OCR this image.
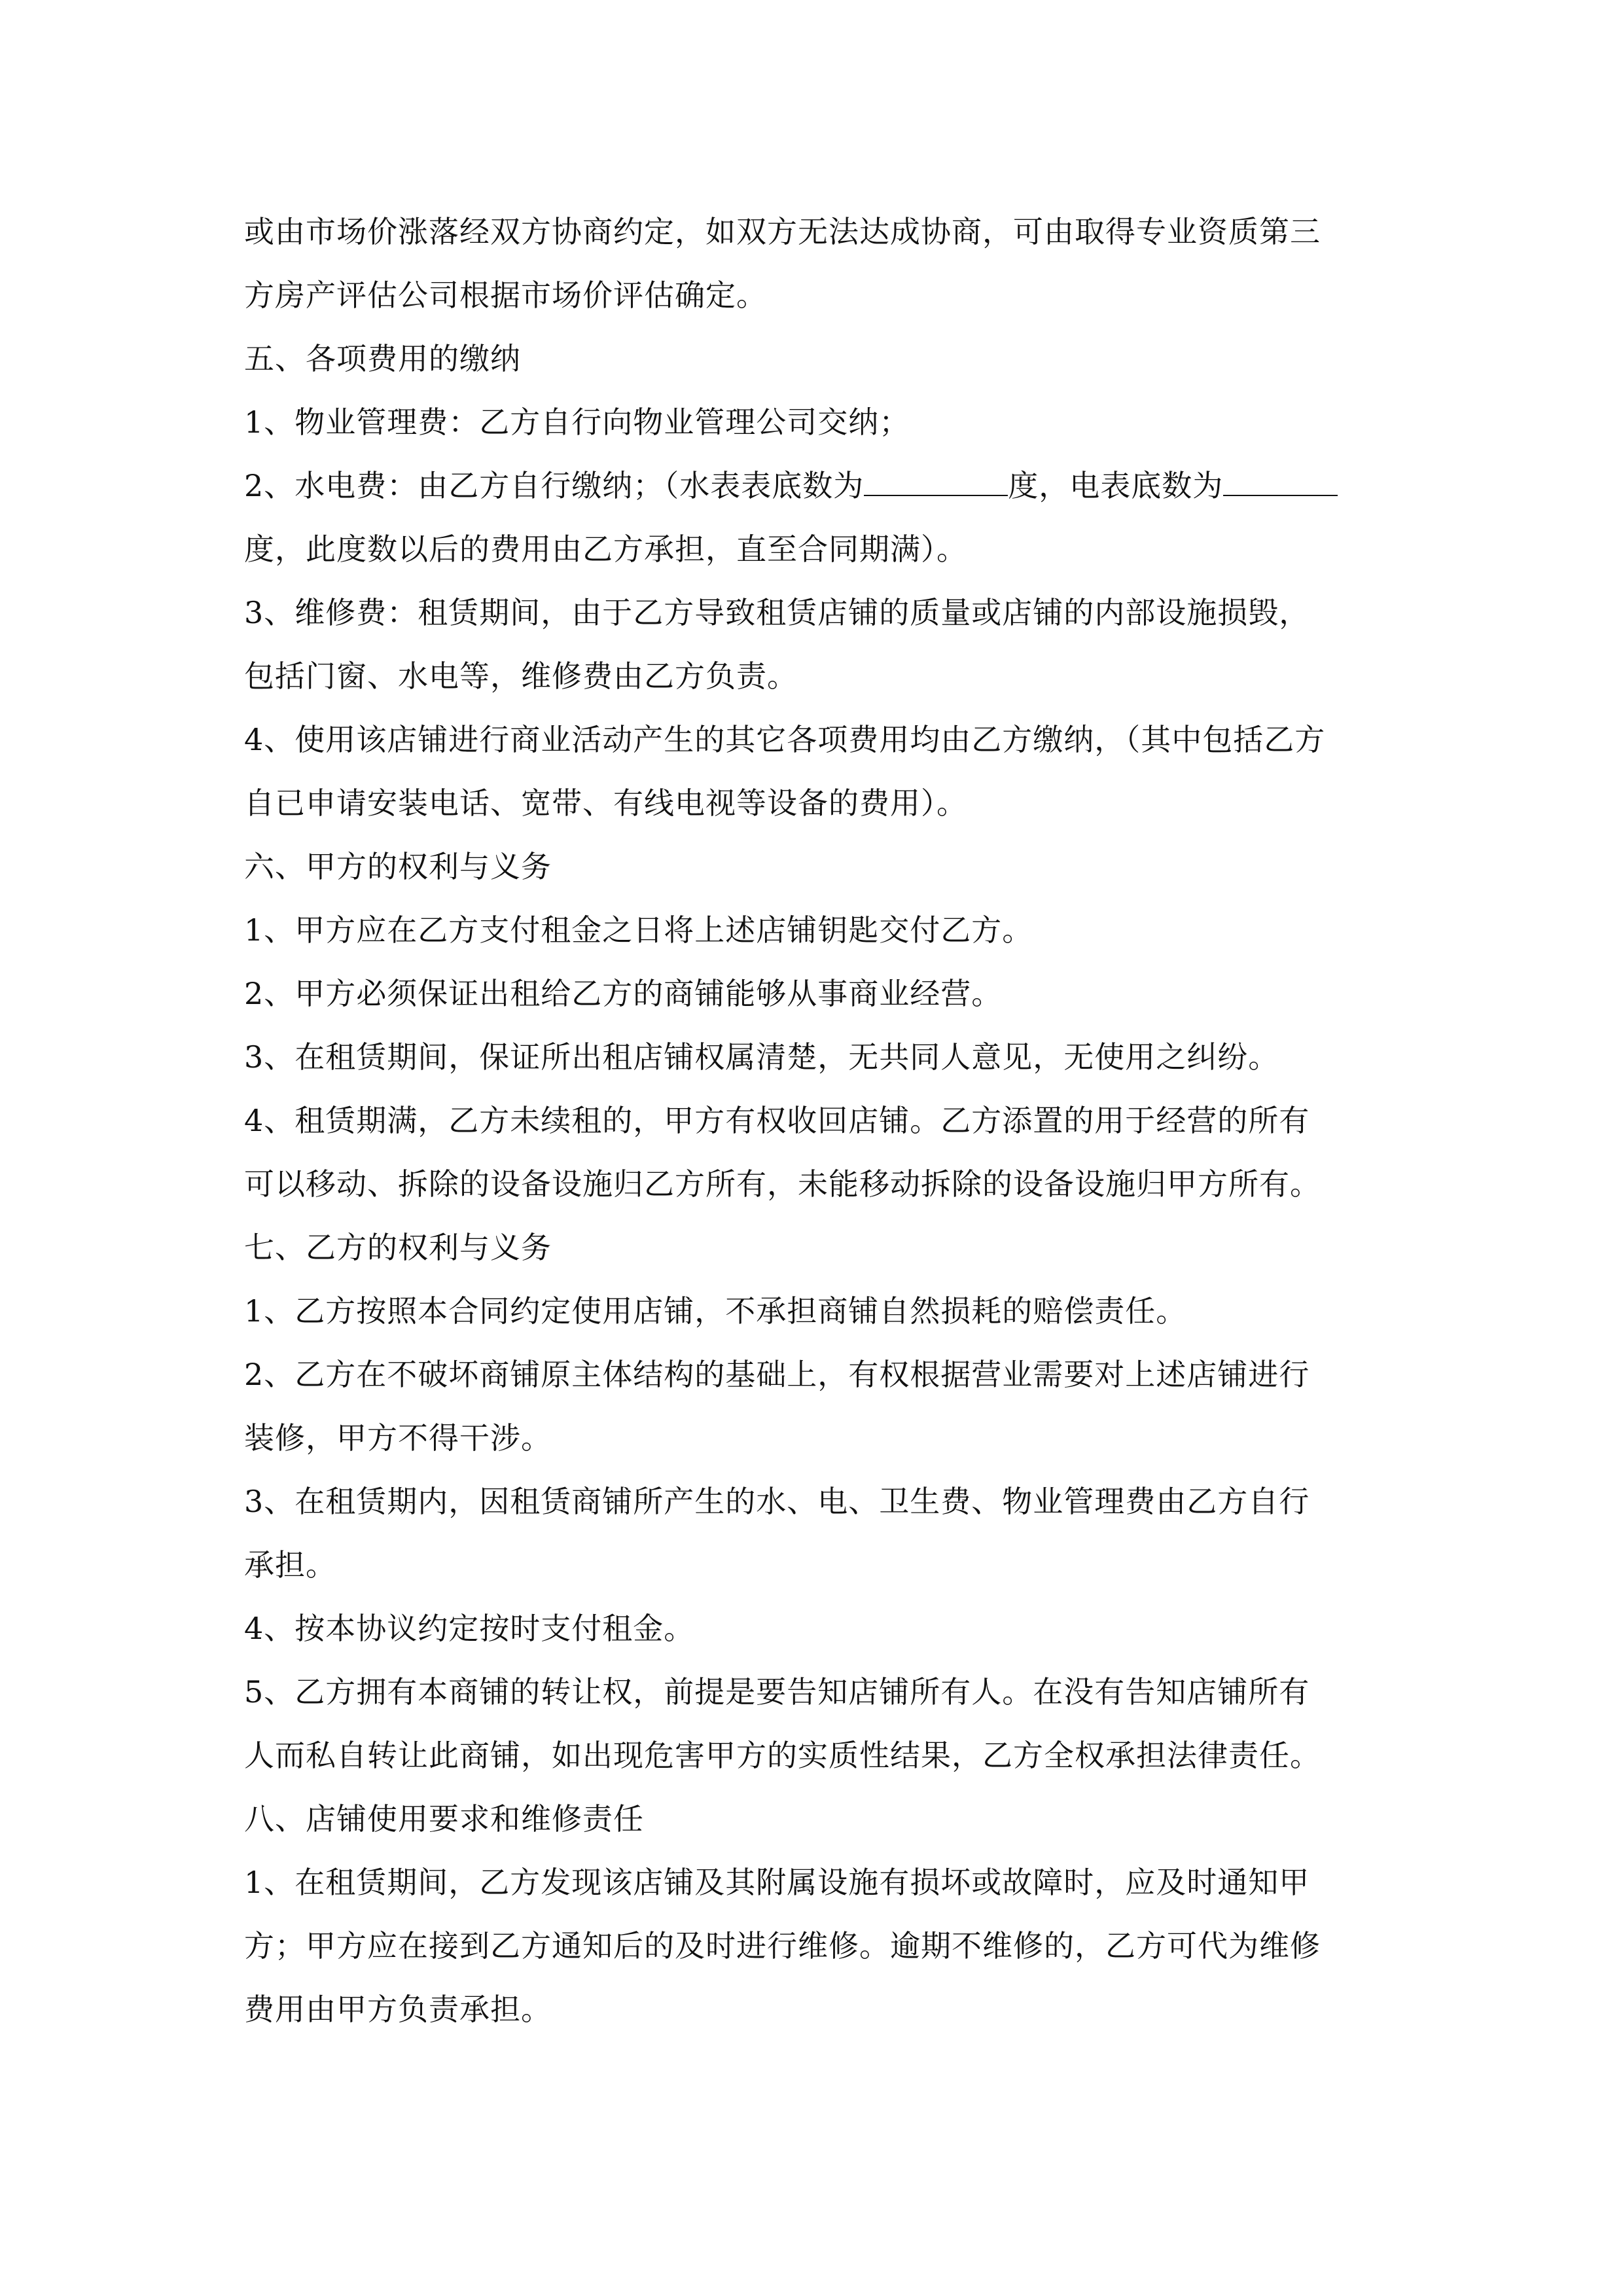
或由市场价涨落经双方协商约定，如双方无法达成协商，可由取得专业资质第三
方房产评估公司根据市场价评估确定。
五、各项费用的缴纳
1、物业管理费：乙方自行向物业管理公司交纳；
2、水电费：由乙方自行缴纳；（水表表底数为	度，电表底数为
度，此度数以后的费用由乙方承担，直至合同期满）。
3、维修费：租赁期间，由于乙方导致租赁店铺的质量或店铺的内部设施损毁，
包括门窗、水电等，维修费由乙方负责。
4、使用该店铺进行商业活动产生的其它各项费用均由乙方缴纳，（其中包括乙方
自已申请安装电话、宽带、有线电视等设备的费用）。
六、甲方的权利与义务
1、甲方应在乙方支付租金之日将上述店铺钥匙交付乙方。
2、甲方必须保证出租给乙方的商铺能够从事商业经营。
3、在租赁期间，保证所出租店铺权属清楚，无共同人意见，无使用之纠纷。
4、租赁期满，乙方未续租的，甲方有权收回店铺。乙方添置的用于经营的所有
可以移动、拆除的设备设施归乙方所有，未能移动拆除的设备设施归甲方所有。
七、乙方的权利与义务
1、乙方按照本合同约定使用店铺，不承担商铺自然损耗的赔偿责任。
2、乙方在不破坏商铺原主体结构的基础上，有权根据营业需要对上述店铺进行
装修，甲方不得干涉。
3、在租赁期内，因租赁商铺所产生的水、电、卫生费、物业管理费由乙方自行
承担。
4、按本协议约定按时支付租金。
5、乙方拥有本商铺的转让权，前提是要告知店铺所有人。在没有告知店铺所有
人而私自转让此商铺，如出现危害甲方的实质性结果，乙方全权承担法律责任。
八、店铺使用要求和维修责任
1、在租赁期间，乙方发现该店铺及其附属设施有损坏或故障时，应及时通知甲
方；甲方应在接到乙方通知后的及时进行维修。逾期不维修的，乙方可代为维修
费用由甲方负责承担。
